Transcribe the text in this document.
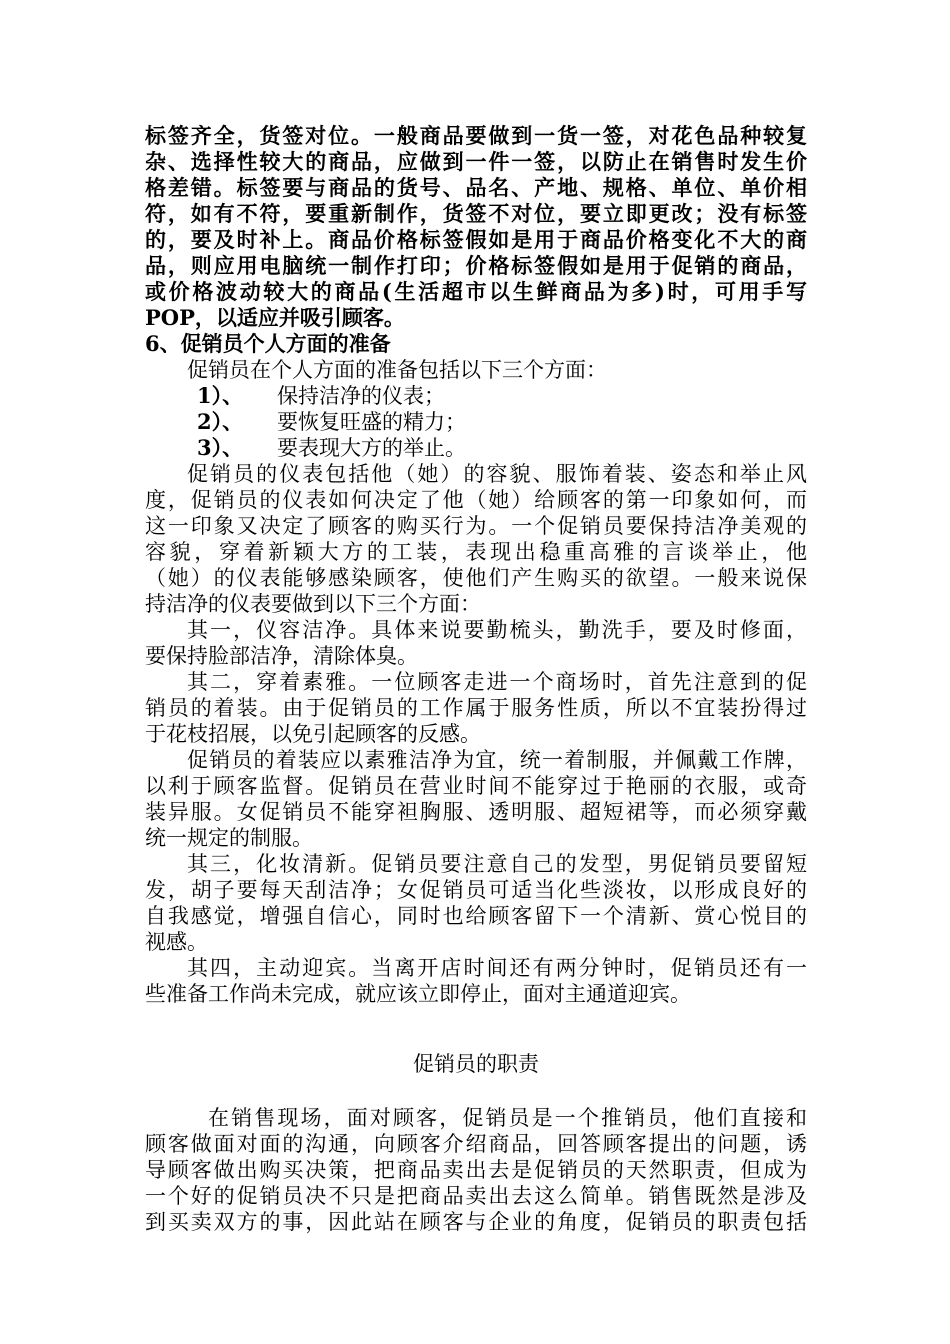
标签齐全，货签对位。一般商品要做到一货一签，对花色品种较复
杂、选择性较大的商品，应做到一件一签，以防止在销售时发生价
格差错。标签要与商品的货号、品名、产地、规格、单位、单价相
符，如有不符，要重新制作，货签不对位，要立即更改；没有标签
的，要及时补上。商品价格标签假如是用于商品价格变化不大的商
品，则应用电脑统一制作打印；价格标签假如是用于促销的商品，
或价格波动较大的商品(生活超市以生鲜商品为多)时，可用手写
POP，以适应并吸引顾客。
6、促销员个人方面的准备
促销员在个人方面的准备包括以下三个方面：
1）、 保持洁净的仪表；
2）、 要恢复旺盛的精力；
3）、 要表现大方的举止。
促销员的仪表包括他（她）的容貌、服饰着装、姿态和举止风
度，促销员的仪表如何决定了他（她）给顾客的第一印象如何，而
这一印象又决定了顾客的购买行为。一个促销员要保持洁净美观的
容貌，穿着新颖大方的工装，表现出稳重高雅的言谈举止，他
（她）的仪表能够感染顾客，使他们产生购买的欲望。一般来说保
持洁净的仪表要做到以下三个方面：
其一，仪容洁净。具体来说要勤梳头，勤洗手，要及时修面，
要保持脸部洁净，清除体臭。
其二，穿着素雅。一位顾客走进一个商场时，首先注意到的促
销员的着装。由于促销员的工作属于服务性质，所以不宜装扮得过
于花枝招展，以免引起顾客的反感。
促销员的着装应以素雅洁净为宜，统一着制服，并佩戴工作牌，
以利于顾客监督。促销员在营业时间不能穿过于艳丽的衣服，或奇
装异服。女促销员不能穿袒胸服、透明服、超短裙等，而必须穿戴
统一规定的制服。
其三，化妆清新。促销员要注意自己的发型，男促销员要留短
发，胡子要每天刮洁净；女促销员可适当化些淡妆，以形成良好的
自我感觉，增强自信心，同时也给顾客留下一个清新、赏心悦目的
视感。
其四，主动迎宾。当离开店时间还有两分钟时，促销员还有一
些准备工作尚未完成，就应该立即停止，面对主通道迎宾。
促销员的职责
在销售现场，面对顾客，促销员是一个推销员，他们直接和
顾客做面对面的沟通，向顾客介绍商品，回答顾客提出的问题，诱
导顾客做出购买决策，把商品卖出去是促销员的天然职责，但成为
一个好的促销员决不只是把商品卖出去这么简单。销售既然是涉及
到买卖双方的事，因此站在顾客与企业的角度，促销员的职责包括
